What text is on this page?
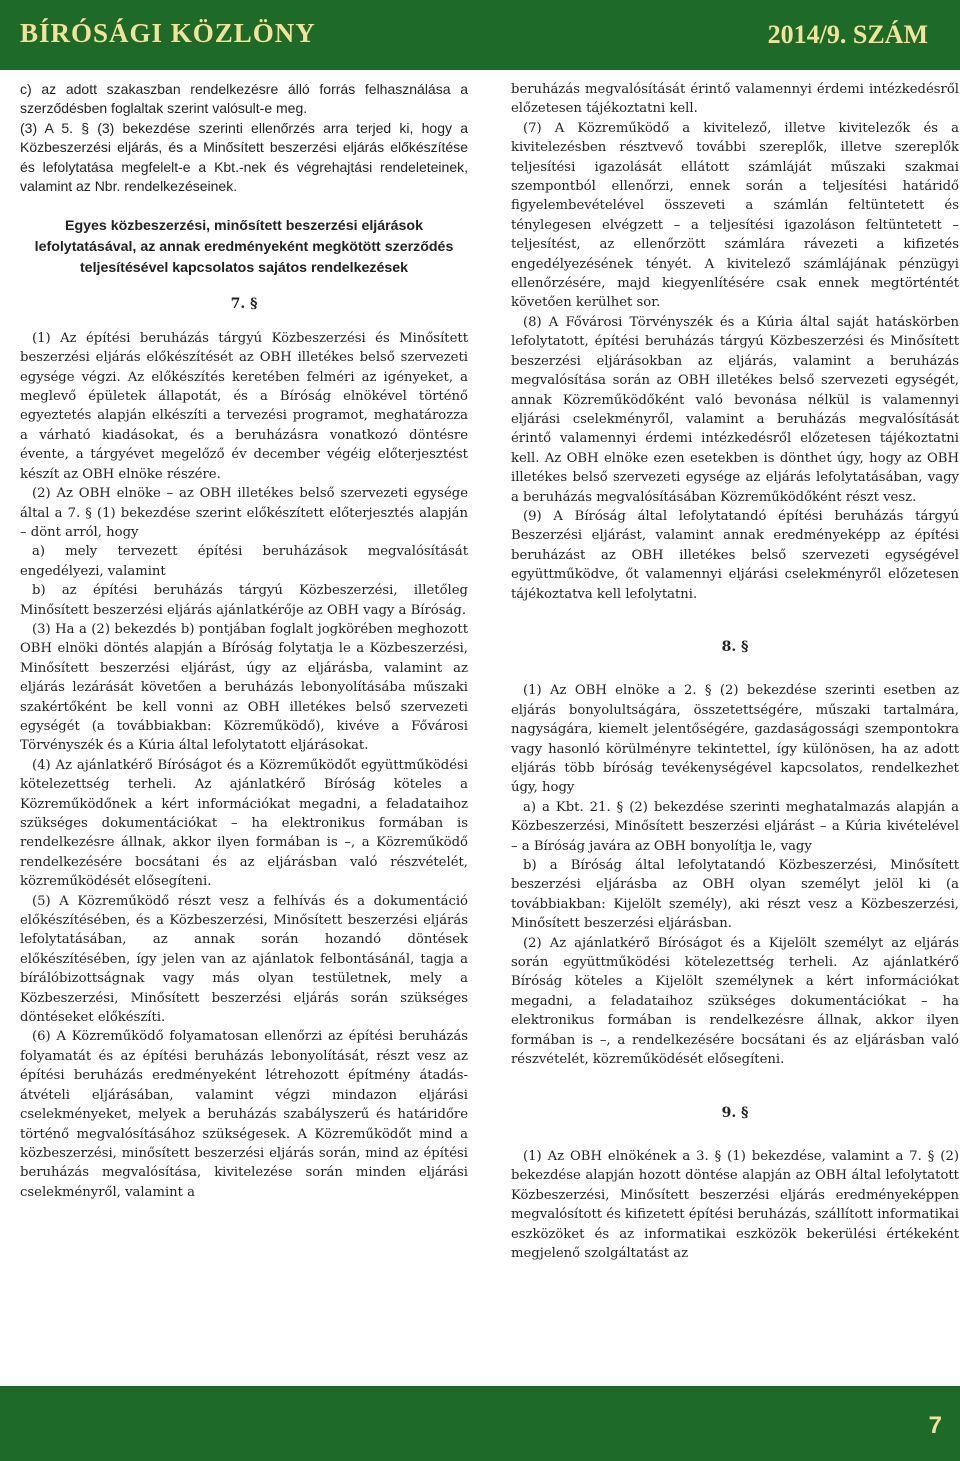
BÍRÓSÁGI KÖZLÖNY	2014/9. SZÁM

c) az adott szakaszban rendelkezésre álló forrás felhasználása a szerződésben foglaltak szerint valósult-e meg.

(3) A 5. § (3) bekezdése szerinti ellenőrzés arra terjed ki, hogy a Közbeszerzési eljárás, és a Minősített beszerzési eljárás előkészítése és lefolytatása megfelelt-e a Kbt.-nek és végrehajtási rendeleteinek, valamint az Nbr. rendelkezéseinek.

Egyes közbeszerzési, minősített beszerzési eljárások lefolytatásával, az annak eredményeként megkötött szerződés teljesítésével kapcsolatos sajátos rendelkezések
7. §

(1) Az építési beruházás tárgyú Közbeszerzési és Minősített beszerzési eljárás előkészítését az OBH illetékes belső szervezeti egysége végzi. Az előkészítés keretében felméri az igényeket, a meglevő épületek állapotát, és a Bíróság elnökével történő egyeztetés alapján elkészíti a tervezési programot, meghatározza a várható kiadásokat, és a beruházásra vonatkozó döntésre évente, a tárgyévet megelőző év december végéig előterjesztést készít az OBH elnöke részére.

(2) Az OBH elnöke – az OBH illetékes belső szervezeti egysége által a 7. § (1) bekezdése szerint előkészített előterjesztés alapján – dönt arról, hogy

a) mely tervezett építési beruházások megvalósítását engedélyezi, valamint

b) az építési beruházás tárgyú Közbeszerzési, illetőleg Minősített beszerzési eljárás ajánlatkérője az OBH vagy a Bíróság.

(3) Ha a (2) bekezdés b) pontjában foglalt jogkörében meghozott OBH elnöki döntés alapján a Bíróság folytatja le a Közbeszerzési, Minősített beszerzési eljárást, úgy az eljárásba, valamint az eljárás lezárását követően a beruházás lebonyolításába műszaki szakértőként be kell vonni az OBH illetékes belső szervezeti egységét (a továbbiakban: Közreműködő), kivéve a Fővárosi Törvényszék és a Kúria által lefolytatott eljárásokat.

(4) Az ajánlatkérő Bíróságot és a Közreműködőt együttműködési kötelezettség terheli. Az ajánlatkérő Bíróság köteles a Közreműködőnek a kért információkat megadni, a feladataihoz szükséges dokumentációkat – ha elektronikus formában is rendelkezésre állnak, akkor ilyen formában is –, a Közreműködő rendelkezésére bocsátani és az eljárásban való részvételét, közreműködését elősegíteni.

(5) A Közreműködő részt vesz a felhívás és a dokumentáció előkészítésében, és a Közbeszerzési, Minősített beszerzési eljárás lefolytatásában, az annak során hozandó döntések előkészítésében, így jelen van az ajánlatok felbontásánál, tagja a bírálóbizottságnak vagy más olyan testületnek, mely a Közbeszerzési, Minősített beszerzési eljárás során szükséges döntéseket előkészíti.

(6) A Közreműködő folyamatosan ellenőrzi az építési beruházás folyamatát és az építési beruházás lebonyolítását, részt vesz az építési beruházás eredményeként létrehozott építmény átadás-átvételi eljárásában, valamint végzi mindazon eljárási cselekményeket, melyek a beruházás szabályszerű és határidőre történő megvalósításához szükségesek. A Közreműködőt mind a közbeszerzési, minősített beszerzési eljárás során, mind az építési beruházás megvalósítása, kivitelezése során minden eljárási cselekményről, valamint a

beruházás megvalósítását érintő valamennyi érdemi intézkedésről előzetesen tájékoztatni kell.

(7) A Közreműködő a kivitelező, illetve kivitelezők és a kivitelezésben résztvevő további szereplők, illetve szereplők teljesítési igazolását ellátott számláját műszaki szakmai szempontból ellenőrzi, ennek során a teljesítési határidő figyelembevételével összeveti a számlán feltüntetett és ténylegesen elvégzett – a teljesítési igazoláson feltüntetett – teljesítést, az ellenőrzött számlára rávezeti a kifizetés engedélyezésének tényét. A kivitelező számlájának pénzügyi ellenőrzésére, majd kiegyenlítésére csak ennek megtörténtét követően kerülhet sor.

(8) A Fővárosi Törvényszék és a Kúria által saját hatáskörben lefolytatott, építési beruházás tárgyú Közbeszerzési és Minősített beszerzési eljárásokban az eljárás, valamint a beruházás megvalósítása során az OBH illetékes belső szervezeti egységét, annak Közreműködőként való bevonása nélkül is valamennyi eljárási cselekményről, valamint a beruházás megvalósítását érintő valamennyi érdemi intézkedésről előzetesen tájékoztatni kell. Az OBH elnöke ezen esetekben is dönthet úgy, hogy az OBH illetékes belső szervezeti egysége az eljárás lefolytatásában, vagy a beruházás megvalósításában Közreműködőként részt vesz.

(9) A Bíróság által lefolytatandó építési beruházás tárgyú Beszerzési eljárást, valamint annak eredményeképp az építési beruházást az OBH illetékes belső szervezeti egységével együttműködve, őt valamennyi eljárási cselekményről előzetesen tájékoztatva kell lefolytatni.

8. §

(1) Az OBH elnöke a 2. § (2) bekezdése szerinti esetben az eljárás bonyolultságára, összetettségére, műszaki tartalmára, nagyságára, kiemelt jelentőségére, gazdaságossági szempontokra vagy hasonló körülményre tekintettel, így különösen, ha az adott eljárás több bíróság tevékenységével kapcsolatos, rendelkezhet úgy, hogy

a) a Kbt. 21. § (2) bekezdése szerinti meghatalmazás alapján a Közbeszerzési, Minősített beszerzési eljárást – a Kúria kivételével – a Bíróság javára az OBH bonyolítja le, vagy

b) a Bíróság által lefolytatandó Közbeszerzési, Minősített beszerzési eljárásba az OBH olyan személyt jelöl ki (a továbbiakban: Kijelölt személy), aki részt vesz a Közbeszerzési, Minősített beszerzési eljárásban.

(2) Az ajánlatkérő Bíróságot és a Kijelölt személyt az eljárás során együttműködési kötelezettség terheli. Az ajánlatkérő Bíróság köteles a Kijelölt személynek a kért információkat megadni, a feladataihoz szükséges dokumentációkat – ha elektronikus formában is rendelkezésre állnak, akkor ilyen formában is –, a rendelkezésére bocsátani és az eljárásban való részvételét, közreműködését elősegíteni.

9. §

(1) Az OBH elnökének a 3. § (1) bekezdése, valamint a 7. § (2) bekezdése alapján hozott döntése alapján az OBH által lefolytatott Közbeszerzési, Minősített beszerzési eljárás eredményeképpen megvalósított és kifizetett építési beruházás, szállított informatikai eszközöket és az informatikai eszközök bekerülési értékeként megjelenő szolgáltatást az

7
